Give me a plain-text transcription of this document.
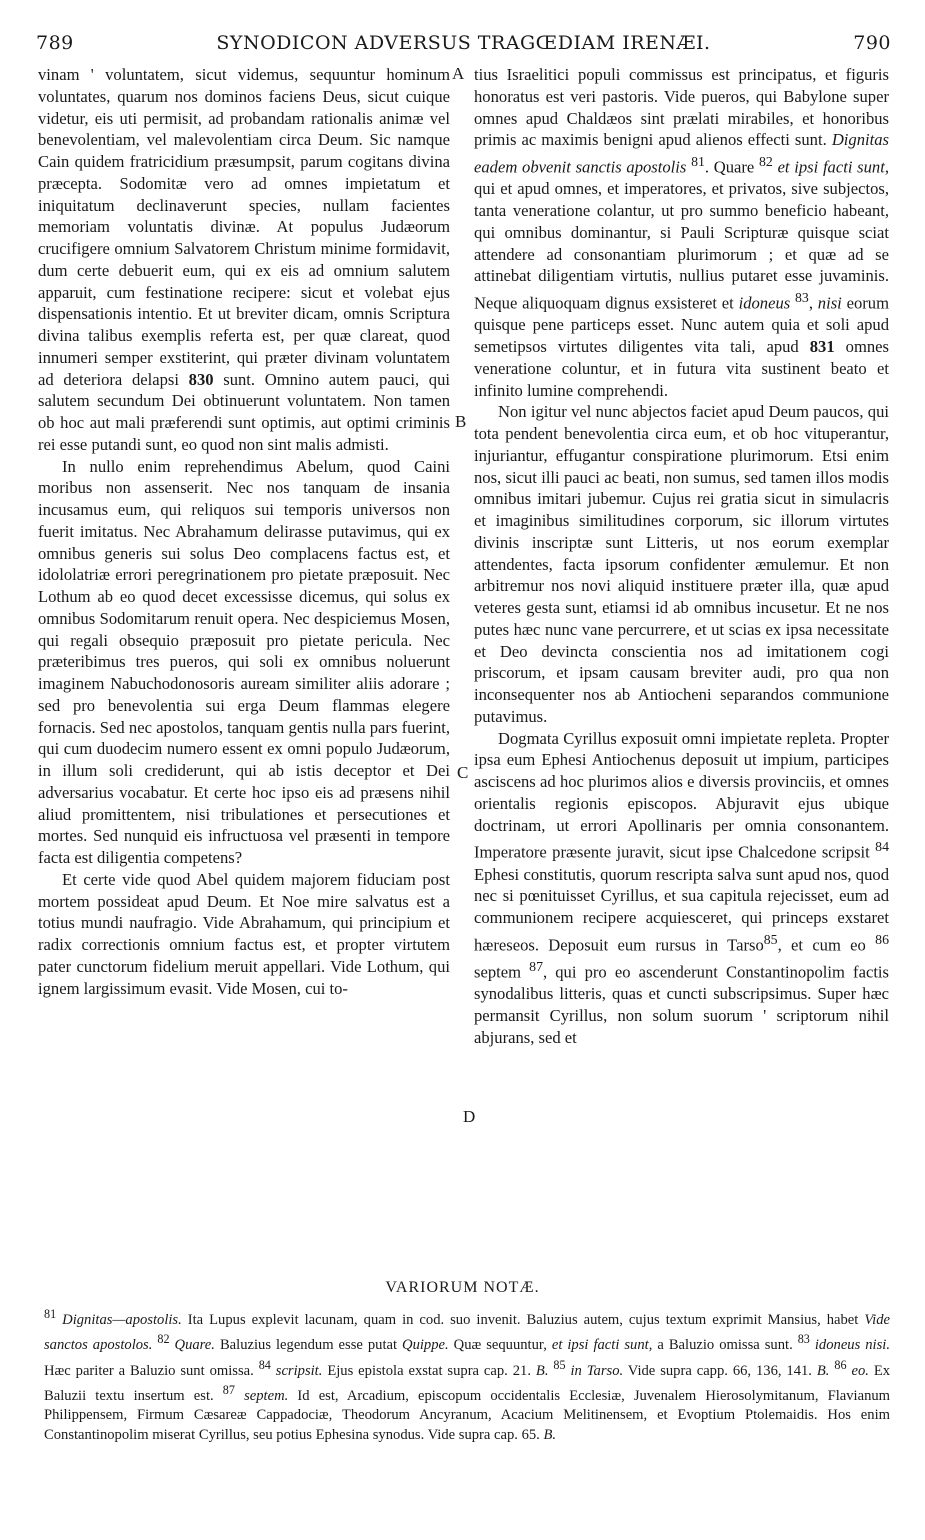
789	SYNODICON ADVERSUS TRAGŒDIAM IRENÆI.	790
A
B
C
D

vinam ' voluntatem, sicut videmus, sequuntur hominum voluntates, quarum nos dominos faciens Deus, sicut cuique videtur, eis uti permisit, ad probandam rationalis animæ vel benevolentiam, vel malevolentiam circa Deum. Sic namque Cain quidem fratricidium præsumpsit, parum cogitans divina præcepta. Sodomitæ vero ad omnes impietatum et iniquitatum declinaverunt species, nullam facientes memoriam voluntatis divinæ. At populus Judæorum crucifigere omnium Salvatorem Christum minime formidavit, dum certe debuerit eum, qui ex eis ad omnium salutem apparuit, cum festinatione recipere: sicut et volebat ejus dispensationis intentio. Et ut breviter dicam, omnis Scriptura divina talibus exemplis referta est, per quæ clareat, quod innumeri semper exstiterint, qui præter divinam voluntatem ad deteriora delapsi 830 sunt. Omnino autem pauci, qui salutem secundum Dei obtinuerunt voluntatem. Non tamen ob hoc aut mali præferendi sunt optimis, aut optimi criminis rei esse putandi sunt, eo quod non sint malis admisti.

In nullo enim reprehendimus Abelum, quod Caini moribus non assenserit. Nec nos tanquam de insania incusamus eum, qui reliquos sui temporis universos non fuerit imitatus. Nec Abrahamum delirasse putavimus, qui ex omnibus generis sui solus Deo complacens factus est, et idololatriæ errori peregrinationem pro pietate præposuit. Nec Lothum ab eo quod decet excessisse dicemus, qui solus ex omnibus Sodomitarum renuit opera. Nec despiciemus Mosen, qui regali obsequio præposuit pro pietate pericula. Nec præteribimus tres pueros, qui soli ex omnibus noluerunt imaginem Nabuchodonosoris auream similiter aliis adorare ; sed pro benevolentia sui erga Deum flammas elegere fornacis. Sed nec apostolos, tanquam gentis nulla pars fuerint, qui cum duodecim numero essent ex omni populo Judæorum, in illum soli crediderunt, qui ab istis deceptor et Dei adversarius vocabatur. Et certe hoc ipso eis ad præsens nihil aliud promittentem, nisi tribulationes et persecutiones et mortes. Sed nunquid eis infructuosa vel præsenti in tempore facta est diligentia competens?

Et certe vide quod Abel quidem majorem fiduciam post mortem possideat apud Deum. Et Noe mire salvatus est a totius mundi naufragio. Vide Abrahamum, qui principium et radix correctionis omnium factus est, et propter virtutem pater cunctorum fidelium meruit appellari. Vide Lothum, qui ignem largissimum evasit. Vide Mosen, cui to-

tius Israelitici populi commissus est principatus, et figuris honoratus est veri pastoris. Vide pueros, qui Babylone super omnes apud Chaldæos sint prælati mirabiles, et honoribus primis ac maximis benigni apud alienos effecti sunt. Dignitas eadem obvenit sanctis apostolis $^{81}$. Quare $^{82}$ et ipsi facti sunt, qui et apud omnes, et imperatores, et privatos, sive subjectos, tanta veneratione colantur, ut pro summo beneficio habeant, qui omnibus dominantur, si Pauli Scripturæ quisque sciat attendere ad consonantiam plurimorum ; et quæ ad se attinebat diligentiam virtutis, nullius putaret esse juvaminis. Neque aliquoquam dignus exsisteret et idoneus $^{83}$, nisi eorum quisque pene particeps esset. Nunc autem quia et soli apud semetipsos virtutes diligentes vita tali, apud 831 omnes veneratione coluntur, et in futura vita sustinent beato et infinito lumine comprehendi.

Non igitur vel nunc abjectos faciet apud Deum paucos, qui tota pendent benevolentia circa eum, et ob hoc vituperantur, injuriantur, effugantur conspiratione plurimorum. Etsi enim nos, sicut illi pauci ac beati, non sumus, sed tamen illos modis omnibus imitari jubemur. Cujus rei gratia sicut in simulacris et imaginibus similitudines corporum, sic illorum virtutes divinis inscriptæ sunt Litteris, ut nos eorum exemplar attendentes, facta ipsorum confidenter æmulemur. Et non arbitremur nos novi aliquid instituere præter illa, quæ apud veteres gesta sunt, etiamsi id ab omnibus incusetur. Et ne nos putes hæc nunc vane percurrere, et ut scias ex ipsa necessitate et Deo devincta conscientia nos ad imitationem cogi priscorum, et ipsam causam breviter audi, pro qua non inconsequenter nos ab Antiocheni separandos communione putavimus.

Dogmata Cyrillus exposuit omni impietate repleta. Propter ipsa eum Ephesi Antiochenus deposuit ut impium, participes asciscens ad hoc plurimos alios e diversis provinciis, et omnes orientalis regionis episcopos. Abjuravit ejus ubique doctrinam, ut errori Apollinaris per omnia consonantem. Imperatore præsente juravit, sicut ipse Chalcedone scripsit $^{84}$ Ephesi constitutis, quorum rescripta salva sunt apud nos, quod nec si pœnituisset Cyrillus, et sua capitula rejecisset, eum ad communionem recipere acquiesceret, qui princeps exstaret hæreseos. Deposuit eum rursus in Tarso$^{85}$, et cum eo $^{86}$ septem $^{87}$, qui pro eo ascenderunt Constantinopolim factis synodalibus litteris, quas et cuncti subscripsimus. Super hæc permansit Cyrillus, non solum suorum ' scriptorum nihil abjurans, sed et

VARIORUM NOTÆ.
$^{81}$ Dignitas—apostolis. Ita Lupus explevit lacunam, quam in cod. suo invenit. Baluzius autem, cujus textum exprimit Mansius, habet Vide sanctos apostolos. $^{82}$ Quare. Baluzius legendum esse putat Quippe. Quæ sequuntur, et ipsi facti sunt, a Baluzio omissa sunt. $^{83}$ idoneus nisi. Hæc pariter a Baluzio sunt omissa. $^{84}$ scripsit. Ejus epistola exstat supra cap. 21. B. $^{85}$ in Tarso. Vide supra capp. 66, 136, 141. B. $^{86}$ eo. Ex Baluzii textu insertum est. $^{87}$ septem. Id est, Arcadium, episcopum occidentalis Ecclesiæ, Juvenalem Hierosolymitanum, Flavianum Philippensem, Firmum Cæsareæ Cappadociæ, Theodorum Ancyranum, Acacium Melitinensem, et Evoptium Ptolemaidis. Hos enim Constantinopolim miserat Cyrillus, seu potius Ephesina synodus. Vide supra cap. 65. B.
